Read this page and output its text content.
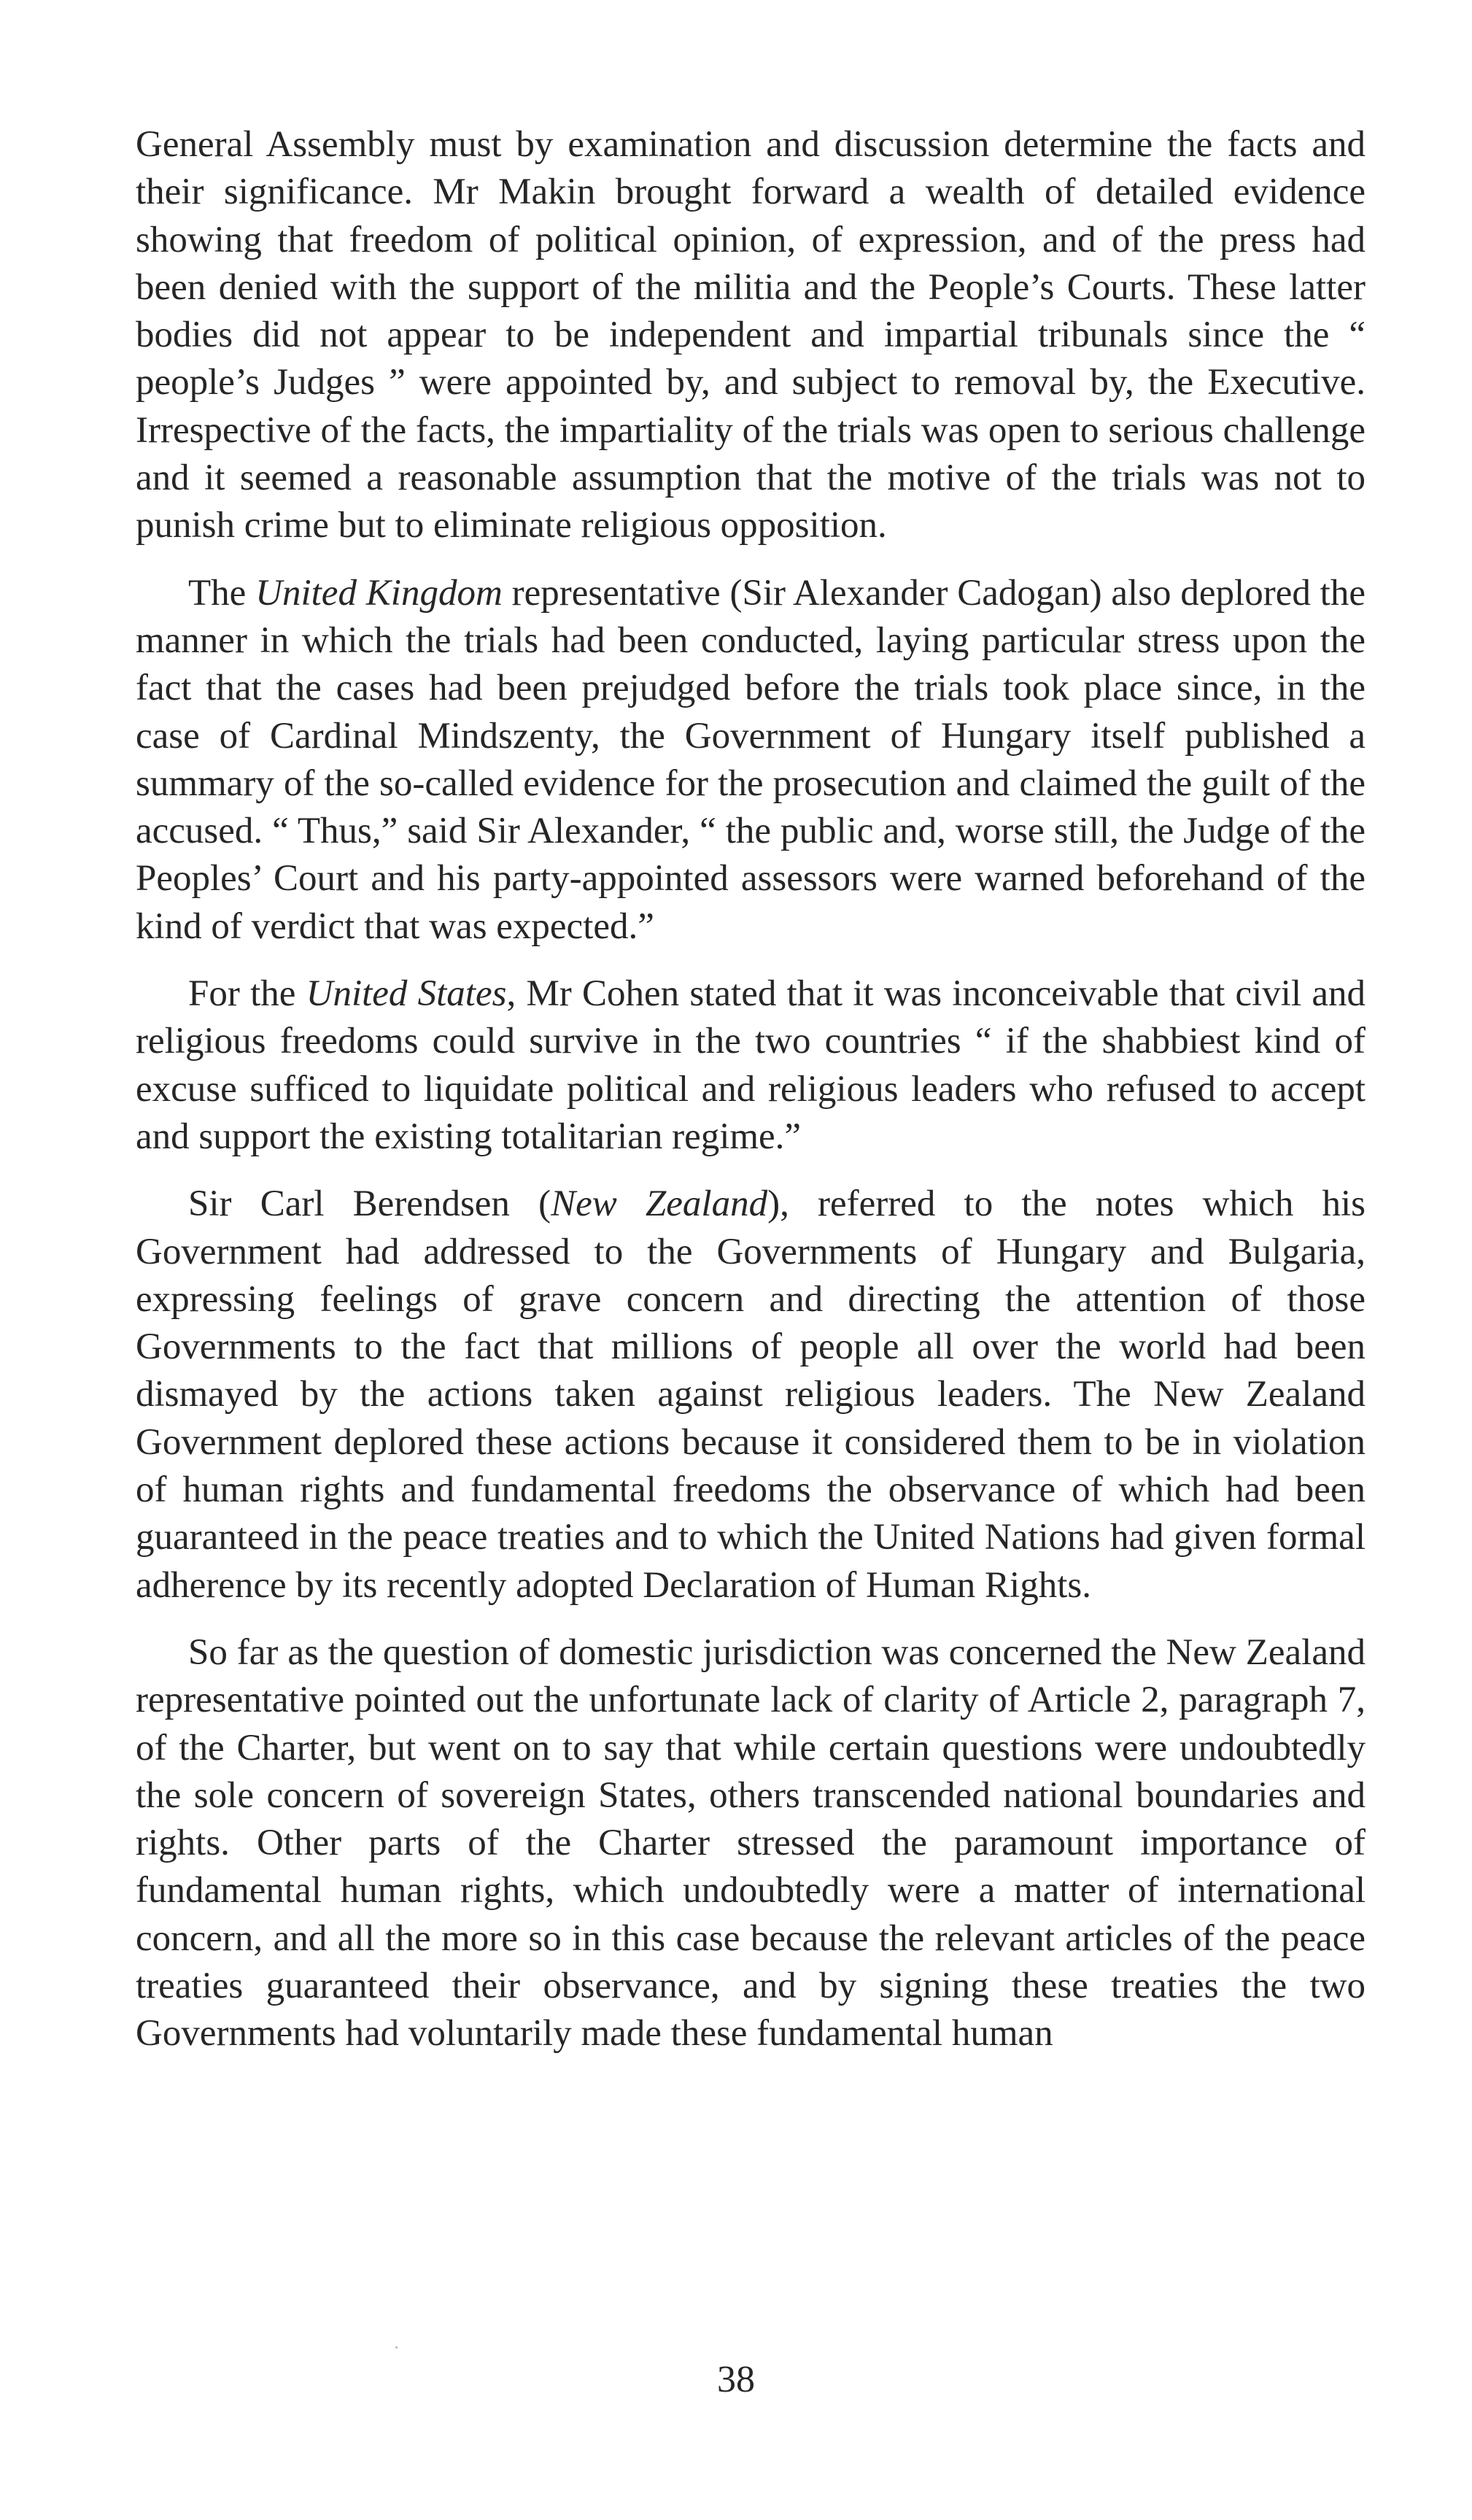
General Assembly must by examination and discussion determine the facts and their significance. Mr Makin brought forward a wealth of detailed evidence showing that freedom of political opinion, of expression, and of the press had been denied with the support of the militia and the People’s Courts. These latter bodies did not appear to be independent and impartial tribunals since the “ people’s Judges ” were appointed by, and subject to removal by, the Executive. Irrespective of the facts, the impartiality of the trials was open to serious challenge and it seemed a reasonable assumption that the motive of the trials was not to punish crime but to eliminate religious opposition.

The United Kingdom representative (Sir Alexander Cadogan) also deplored the manner in which the trials had been conducted, laying particular stress upon the fact that the cases had been prejudged before the trials took place since, in the case of Cardinal Mindszenty, the Government of Hungary itself published a summary of the so-called evidence for the prosecution and claimed the guilt of the accused. “ Thus,” said Sir Alexander, “ the public and, worse still, the Judge of the Peoples’ Court and his party-appointed assessors were warned beforehand of the kind of verdict that was expected.”

For the United States, Mr Cohen stated that it was inconceivable that civil and religious freedoms could survive in the two countries “ if the shabbiest kind of excuse sufficed to liquidate political and religious leaders who refused to accept and support the existing totalitarian regime.”

Sir Carl Berendsen (New Zealand), referred to the notes which his Government had addressed to the Governments of Hungary and Bulgaria, expressing feelings of grave concern and directing the attention of those Governments to the fact that millions of people all over the world had been dismayed by the actions taken against religious leaders. The New Zealand Government deplored these actions because it considered them to be in violation of human rights and fundamental freedoms the observance of which had been guaranteed in the peace treaties and to which the United Nations had given formal adherence by its recently adopted Declaration of Human Rights.

So far as the question of domestic jurisdiction was concerned the New Zealand representative pointed out the unfortunate lack of clarity of Article 2, paragraph 7, of the Charter, but went on to say that while certain questions were undoubtedly the sole concern of sovereign States, others transcended national boundaries and rights. Other parts of the Charter stressed the paramount importance of fundamental human rights, which undoubtedly were a matter of international concern, and all the more so in this case because the relevant articles of the peace treaties guaranteed their observance, and by signing these treaties the two Governments had voluntarily made these fundamental human

38
